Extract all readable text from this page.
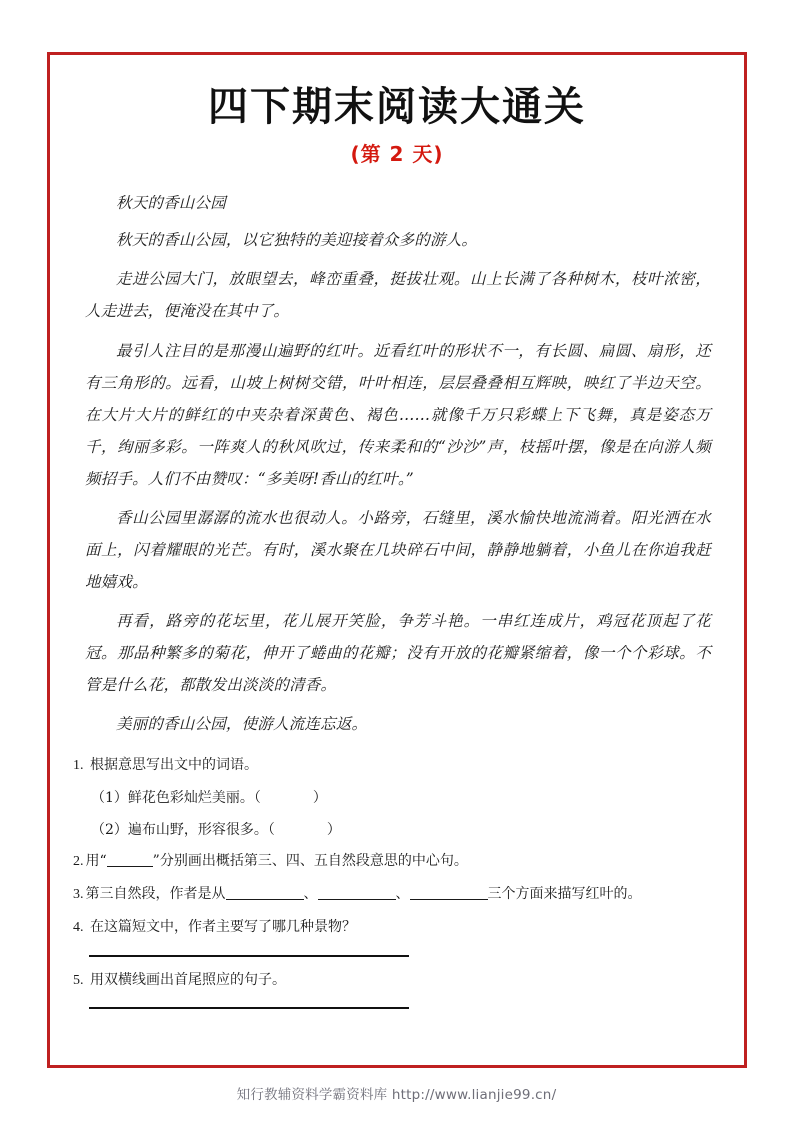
四下期末阅读大通关
(第 2 天)

秋天的香山公园

秋天的香山公园，以它独特的美迎接着众多的游人。

走进公园大门，放眼望去，峰峦重叠，挺拔壮观。山上长满了各种树木，枝叶浓密，人走进去，便淹没在其中了。

最引人注目的是那漫山遍野的红叶。近看红叶的形状不一，有长圆、扁圆、扇形，还有三角形的。远看，山坡上树树交错，叶叶相连，层层叠叠相互辉映，映红了半边天空。在大片大片的鲜红的中夹杂着深黄色、褐色……就像千万只彩蝶上下飞舞，真是姿态万千，绚丽多彩。一阵爽人的秋风吹过，传来柔和的“沙沙”声，枝摇叶摆，像是在向游人频频招手。人们不由赞叹：“多美呀!香山的红叶。”

香山公园里潺潺的流水也很动人。小路旁，石缝里，溪水愉快地流淌着。阳光洒在水面上，闪着耀眼的光芒。有时，溪水聚在几块碎石中间，静静地躺着，小鱼儿在你追我赶地嬉戏。

再看，路旁的花坛里，花儿展开笑脸，争芳斗艳。一串红连成片，鸡冠花顶起了花冠。那品种繁多的菊花，伸开了蜷曲的花瓣；没有开放的花瓣紧缩着，像一个个彩球。不管是什么花，都散发出淡淡的清香。

美丽的香山公园，使游人流连忘返。

1. 根据意思写出文中的词语。
（1）鲜花色彩灿烂美丽。（	）
（2）遍布山野，形容很多。（	）
2. 用“	”分别画出概括第三、四、五自然段意思的中心句。
3. 第三自然段，作者是从	、	、	三个方面来描写红叶的。
4. 在这篇短文中，作者主要写了哪几种景物？
5. 用双横线画出首尾照应的句子。
知行教辅资料学霸资料库 http://www.lianjie99.cn/
